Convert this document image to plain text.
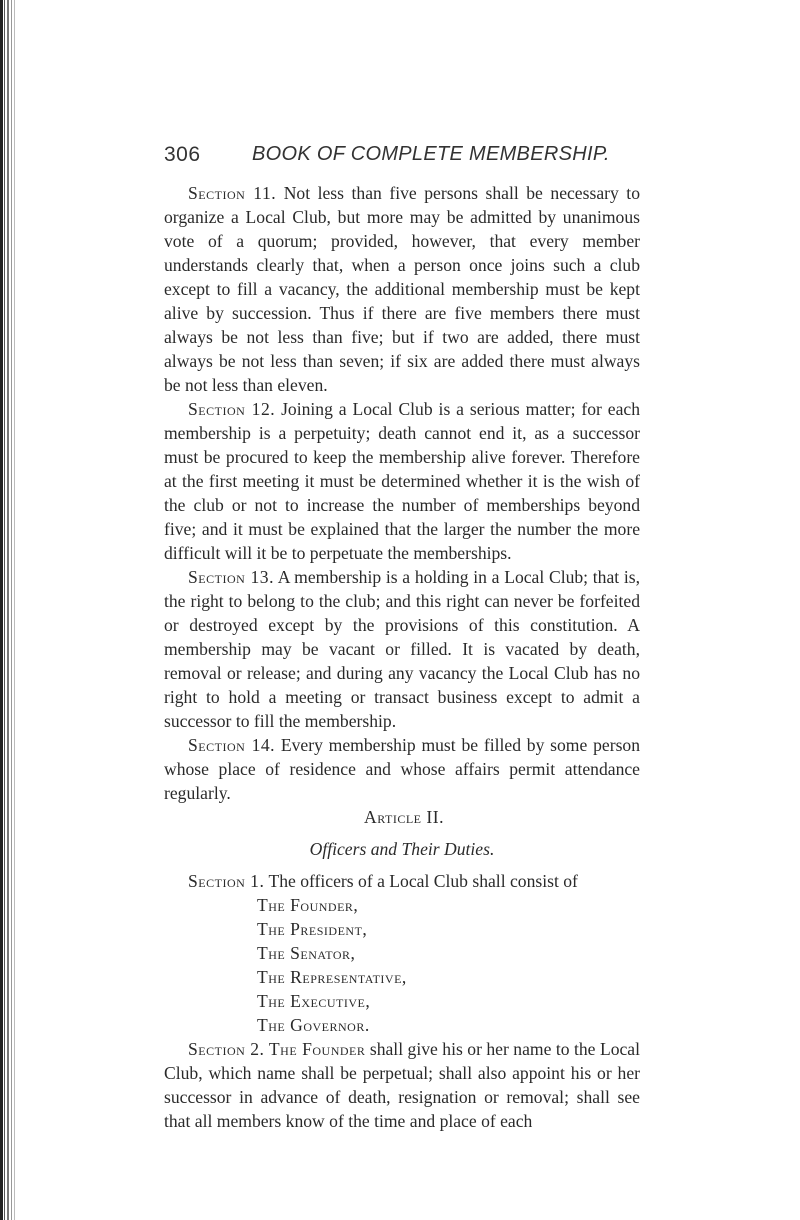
306	BOOK OF COMPLETE MEMBERSHIP.

Section 11. Not less than five persons shall be necessary to organize a Local Club, but more may be admitted by unanimous vote of a quorum; provided, however, that every member understands clearly that, when a person once joins such a club except to fill a vacancy, the additional membership must be kept alive by succession. Thus if there are five members there must always be not less than five; but if two are added, there must always be not less than seven; if six are added there must always be not less than eleven.

Section 12. Joining a Local Club is a serious matter; for each membership is a perpetuity; death cannot end it, as a successor must be procured to keep the membership alive forever. Therefore at the first meeting it must be determined whether it is the wish of the club or not to increase the number of memberships beyond five; and it must be explained that the larger the number the more difficult will it be to perpetuate the memberships.

Section 13. A membership is a holding in a Local Club; that is, the right to belong to the club; and this right can never be forfeited or destroyed except by the provisions of this constitution. A membership may be vacant or filled. It is vacated by death, removal or release; and during any vacancy the Local Club has no right to hold a meeting or transact business except to admit a successor to fill the membership.

Section 14. Every membership must be filled by some person whose place of residence and whose affairs permit attendance regularly.

Article II.
Officers and Their Duties.

Section 1. The officers of a Local Club shall consist of

The Founder,
The President,
The Senator,
The Representative,
The Executive,
The Governor.

Section 2. The Founder shall give his or her name to the Local Club, which name shall be perpetual; shall also appoint his or her successor in advance of death, resignation or removal; shall see that all members know of the time and place of each
